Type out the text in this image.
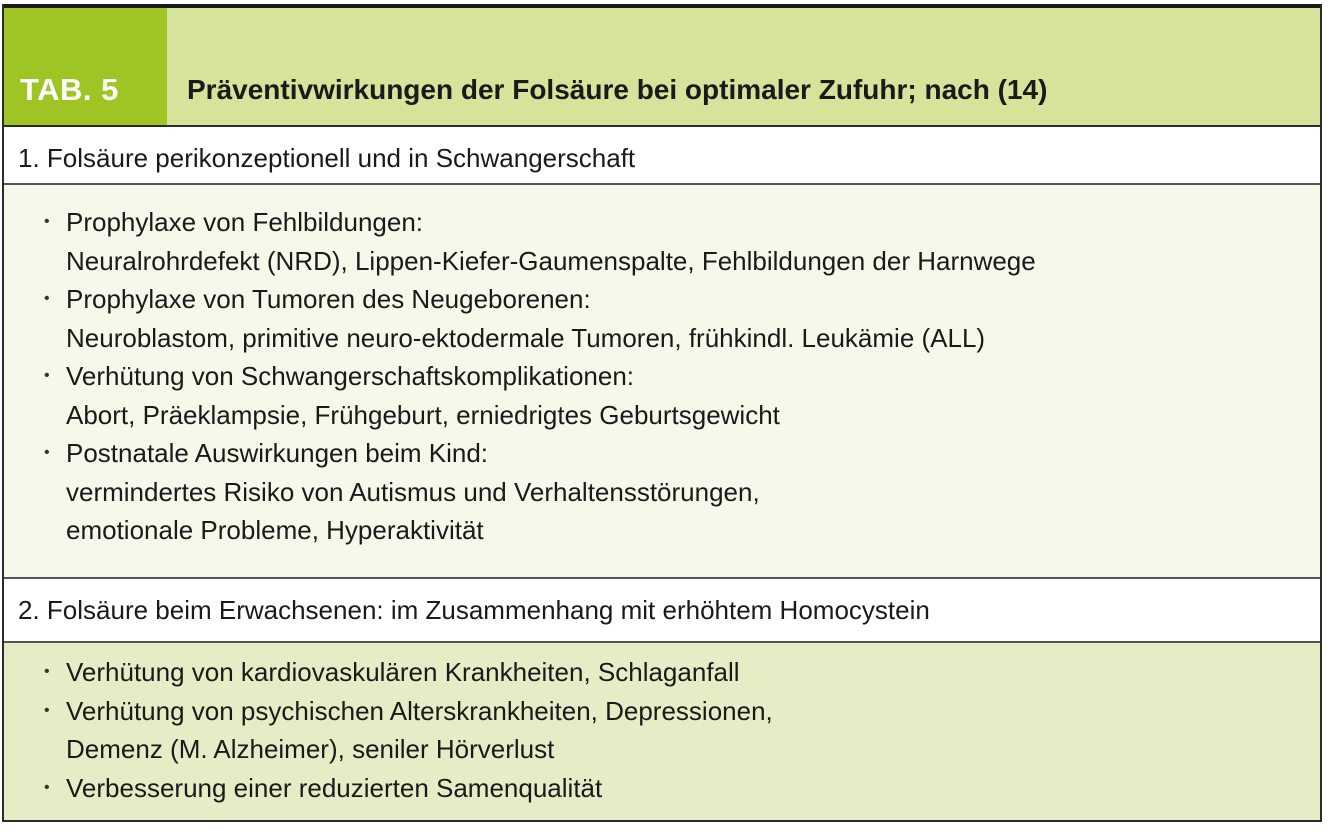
TAB. 5 Präventivwirkungen der Folsäure bei optimaler Zufuhr; nach (14)
1. Folsäure perikonzeptionell und in Schwangerschaft
• Prophylaxe von Fehlbildungen:
Neuralrohrdefekt (NRD), Lippen-Kiefer-Gaumenspalte, Fehlbildungen der Harnwege
• Prophylaxe von Tumoren des Neugeborenen:
Neuroblastom, primitive neuro-ektodermale Tumoren, frühkindl. Leukämie (ALL)
• Verhütung von Schwangerschaftskomplikationen:
Abort, Präeklampsie, Frühgeburt, erniedrigtes Geburtsgewicht
• Postnatale Auswirkungen beim Kind:
vermindertes Risiko von Autismus und Verhaltensstörungen,
emotionale Probleme, Hyperaktivität
2. Folsäure beim Erwachsenen: im Zusammenhang mit erhöhtem Homocystein
• Verhütung von kardiovaskulären Krankheiten, Schlaganfall
• Verhütung von psychischen Alterskrankheiten, Depressionen,
Demenz (M. Alzheimer), seniler Hörverlust
• Verbesserung einer reduzierten Samenqualität
